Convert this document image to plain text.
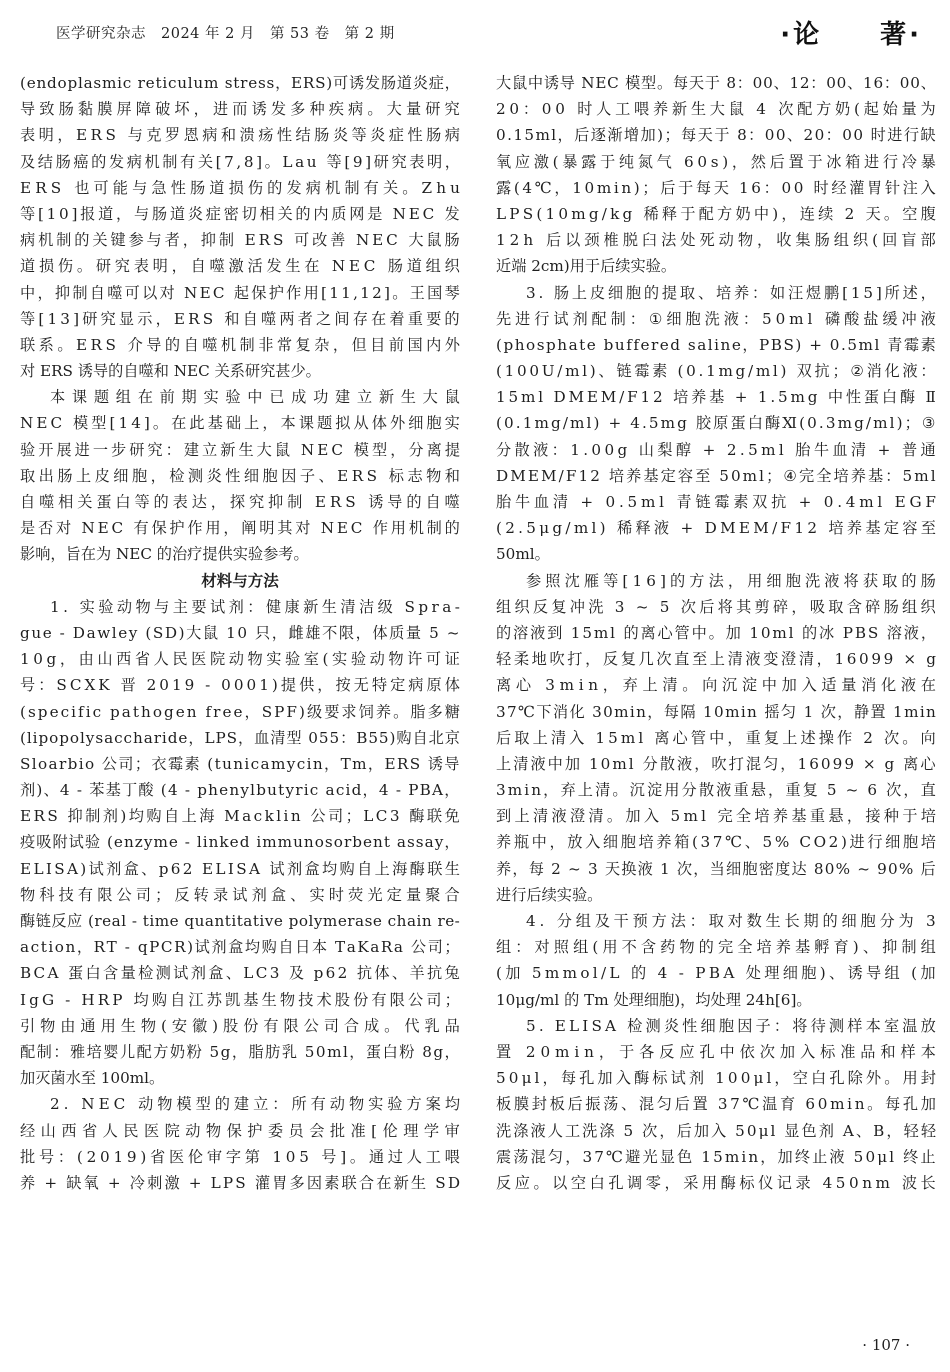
医学研究杂志　2024 年 2 月　第 53 卷　第 2 期	·论　　著·
( e n d o p l a s m i c
r e t i c u l u m
s t r e s s ， E R S ) 可 诱 发 肠 道 炎 症 ，
导 致 肠 黏 膜 屏 障 破 坏 ， 进 而 诱 发 多 种 疾 病 。 大 量 研 究
表 明 ， E R S
与 克 罗 恩 病 和 溃 疡 性 结 肠 炎 等 炎 症 性 肠 病
及 结 肠 癌 的 发 病 机 制 有 关 [ 7 , 8 ] 。 L a u
等 [ 9 ] 研 究 表 明 ，
E R S
也 可 能 与 急 性 肠 道 损 伤 的 发 病 机 制 有 关 。 Z h u
等 [ 1 0 ] 报 道 ， 与 肠 道 炎 症 密 切 相 关 的 内 质 网 是
N E C
发
病 机 制 的 关 键 参 与 者 ， 抑 制
E R S
可 改 善
N E C
大 鼠 肠
道 损 伤 。 研 究 表 明 ， 自 噬 激 活 发 生 在
N E C
肠 道 组 织
中 ， 抑 制 自 噬 可 以 对
N E C
起 保 护 作 用 [ 1 1 , 1 2 ] 。 王 国 琴
等 [ 1 3 ] 研 究 显 示 ， E R S
和 自 噬 两 者 之 间 存 在 着 重 要 的
联 系 。 E R S
介 导 的 自 噬 机 制 非 常 复 杂 ， 但 目 前 国 内 外
对 ERS 诱导的自噬和 NEC 关系研究甚少。
本 课 题 组 在 前 期 实 验 中 已 成 功 建 立 新 生 大 鼠
N E C
模 型 [ 1 4 ] 。 在 此 基 础 上 ， 本 课 题 拟 从 体 外 细 胞 实
验 开 展 进 一 步 研 究 ： 建 立 新 生 大 鼠
N E C
模 型 ， 分 离 提
取 出 肠 上 皮 细 胞 ， 检 测 炎 性 细 胞 因 子 、 E R S
标 志 物 和
自 噬 相 关 蛋 白 等 的 表 达 ， 探 究 抑 制
E R S
诱 导 的 自 噬
是 否 对
N E C
有 保 护 作 用 ， 阐 明 其 对
N E C
作 用 机 制 的
影响，旨在为 NEC 的治疗提供实验参考。
材料与方法
1 .
实 验 动 物 与 主 要 试 剂 ： 健 康 新 生 清 洁 级
S p r a -
g u e
-
D a w l e y
( S D ) 大 鼠
1 0
只 ， 雌 雄 不 限 ， 体 质 量
5
~
1 0 g ， 由 山 西 省 人 民 医 院 动 物 实 验 室 ( 实 验 动 物 许 可 证
号 ： S C X K
晋
2 0 1 9
-
0 0 0 1 ) 提 供 ， 按 无 特 定 病 原 体
( s p e c i f i c
p a t h o g e n
f r e e ， S P F ) 级 要 求 饲 养 。 脂 多 糖
( l i p o p o l y s a c c h a r i d e ， L P S ， 血 清 型
0 5 5 ： B 5 5 ) 购 自 北 京
S l o a r b i o
公 司 ； 衣 霉 素
( t u n i c a m y c i n ， T m ， E R S
诱 导
剂 ) 、 4
-
苯 基 丁 酸
( 4
-
p h e n y l b u t y r i c
a c i d ， 4
-
P B A ，
E R S
抑 制 剂 ) 均 购 自 上 海
M a c k l i n
公 司 ； L C 3
酶 联 免
疫 吸 附 试 验
( e n z y m e
-
l i n k e d
i m m u n o s o r b e n t
a s s a y ，
E L I S A ) 试 剂 盒 、 p 6 2
E L I S A
试 剂 盒 均 购 自 上 海 酶 联 生
物 科 技 有 限 公 司 ； 反 转 录 试 剂 盒 、 实 时 荧 光 定 量 聚 合
酶 链 反 应
( r e a l
-
t i m e
q u a n t i t a t i v e
p o l y m e r a s e
c h a i n
r e -
a c t i o n ， R T
-
q P C R ) 试 剂 盒 均 购 自 日 本
T a K a R a
公 司 ；
B C A
蛋 白 含 量 检 测 试 剂 盒 、 L C 3
及
p 6 2
抗 体 、 羊 抗 兔
I g G
-
H R P
均 购 自 江 苏 凯 基 生 物 技 术 股 份 有 限 公 司 ；
引 物 由 通 用 生 物 ( 安 徽 ) 股 份 有 限 公 司 合 成 。 代 乳 品
配 制 ： 雅 培 婴 儿 配 方 奶 粉
5 g ， 脂 肪 乳
5 0 m l ， 蛋 白 粉
8 g ，
加灭菌水至 100ml。
2 .
N E C
动 物 模 型 的 建 立 ： 所 有 动 物 实 验 方 案 均
经 山 西 省 人 民 医 院 动 物 保 护 委 员 会 批 准 [ 伦 理 学 审
批 号 ： ( 2 0 1 9 ) 省 医 伦 审 字 第
1 0 5
号 ] 。 通 过 人 工 喂
养
+
缺 氧
+
冷 刺 激
+
L P S
灌 胃 多 因 素 联 合 在 新 生
S D
大 鼠 中 诱 导
N E C
模 型 。 每 天 于
8 ： 0 0 、 1 2 ： 0 0 、 1 6 ： 0 0 、
2 0 ： 0 0
时 人 工 喂 养 新 生 大 鼠
4
次 配 方 奶 ( 起 始 量 为
0 . 1 5 m l ， 后 逐 渐 增 加 ) ； 每 天 于
8 ： 0 0 、 2 0 ： 0 0
时 进 行 缺
氧 应 激 ( 暴 露 于 纯 氮 气
6 0 s ) ， 然 后 置 于 冰 箱 进 行 冷 暴
露 ( 4 ℃ ， 1 0 m i n ) ； 后 于 每 天
1 6 ： 0 0
时 经 灌 胃 针 注 入
L P S ( 1 0 m g / k g
稀 释 于 配 方 奶 中 ) ， 连 续
2
天 。 空 腹
1 2 h
后 以 颈 椎 脱 臼 法 处 死 动 物 ， 收 集 肠 组 织 ( 回 盲 部
近端 2cm)用于后续实验。
3 .
肠 上 皮 细 胞 的 提 取 、 培 养 ： 如 汪 煜 鹏 [ 1 5 ] 所 述 ，
先 进 行 试 剂 配 制 ： ① 细 胞 洗 液 ： 5 0 m l
磷 酸 盐 缓 冲 液
( p h o s p h a t e
b u f f e r e d
s a l i n e ， P B S )
+
0 . 5 m l
青 霉 素
( 1 0 0 U / m l ) 、 链 霉 素
( 0 . 1 m g / m l )
双 抗 ； ② 消 化 液 ：
1 5 m l
D M E M / F 1 2
培 养 基
+
1 . 5 m g
中 性 蛋 白 酶
Ⅱ
( 0 . 1 m g / m l )
+
4 . 5 m g
胶 原 蛋 白 酶 Ⅺ ( 0 . 3 m g / m l ) ； ③
分 散 液 ： 1 . 0 0 g
山 梨 醇
+
2 . 5 m l
胎 牛 血 清
+
普 通
D M E M / F 1 2
培 养 基 定 容 至
5 0 m l ； ④ 完 全 培 养 基 ： 5 m l
胎 牛 血 清
+
0 . 5 m l
青 链 霉 素 双 抗
+
0 . 4 m l
E G F
( 2 . 5 μ g / m l )
稀 释 液
+
D M E M / F 1 2
培 养 基 定 容 至
50ml。
参 照 沈 雁 等 [ 1 6 ] 的 方 法 ， 用 细 胞 洗 液 将 获 取 的 肠
组 织 反 复 冲 洗
3
~
5
次 后 将 其 剪 碎 ， 吸 取 含 碎 肠 组 织
的 溶 液 到
1 5 m l
的 离 心 管 中 。 加
1 0 m l
的 冰
P B S
溶 液 ，
轻 柔 地 吹 打 ， 反 复 几 次 直 至 上 清 液 变 澄 清 ， 1 6 0 9 9
×
g
离 心
3 m i n ， 弃 上 清 。 向 沉 淀 中 加 入 适 量 消 化 液 在
3 7 ℃ 下 消 化
3 0 m i n ， 每 隔
1 0 m i n
摇 匀
1
次 ， 静 置
1 m i n
后 取 上 清 入
1 5 m l
离 心 管 中 ， 重 复 上 述 操 作
2
次 。 向
上 清 液 中 加
1 0 m l
分 散 液 ， 吹 打 混 匀 ， 1 6 0 9 9
×
g
离 心
3 m i n ， 弃 上 清 。 沉 淀 用 分 散 液 重 悬 ， 重 复
5
~
6
次 ， 直
到 上 清 液 澄 清 。 加 入
5 m l
完 全 培 养 基 重 悬 ， 接 种 于 培
养 瓶 中 ， 放 入 细 胞 培 养 箱 ( 3 7 ℃ 、 5 %
C O 2 ) 进 行 细 胞 培
养 ， 每
2
~
3
天 换 液
1
次 ， 当 细 胞 密 度 达
8 0 %
~
9 0 %
后
进行后续实验。
4 .
分 组 及 干 预 方 法 ： 取 对 数 生 长 期 的 细 胞 分 为
3
组 ： 对 照 组 ( 用 不 含 药 物 的 完 全 培 养 基 孵 育 ) 、 抑 制 组
( 加
5 m m o l / L
的
4
-
P B A
处 理 细 胞 ) 、 诱 导 组
( 加
10μg/ml 的 Tm 处理细胞)，均处理 24h[6]。
5 .
E L I S A
检 测 炎 性 细 胞 因 子 ： 将 待 测 样 本 室 温 放
置
2 0 m i n ， 于 各 反 应 孔 中 依 次 加 入 标 准 品 和 样 本
5 0 μ l ， 每 孔 加 入 酶 标 试 剂
1 0 0 μ l ， 空 白 孔 除 外 。 用 封
板 膜 封 板 后 振 荡 、 混 匀 后 置
3 7 ℃ 温 育
6 0 m i n 。 每 孔 加
洗 涤 液 人 工 洗 涤
5
次 ， 后 加 入
5 0 μ l
显 色 剂
A 、 B ， 轻 轻
震 荡 混 匀 ， 3 7 ℃ 避 光 显 色
1 5 m i n ， 加 终 止 液
5 0 μ l
终 止
反 应 。 以 空 白 孔 调 零 ， 采 用 酶 标 仪 记 录
4 5 0 n m
波 长
· 107 ·
